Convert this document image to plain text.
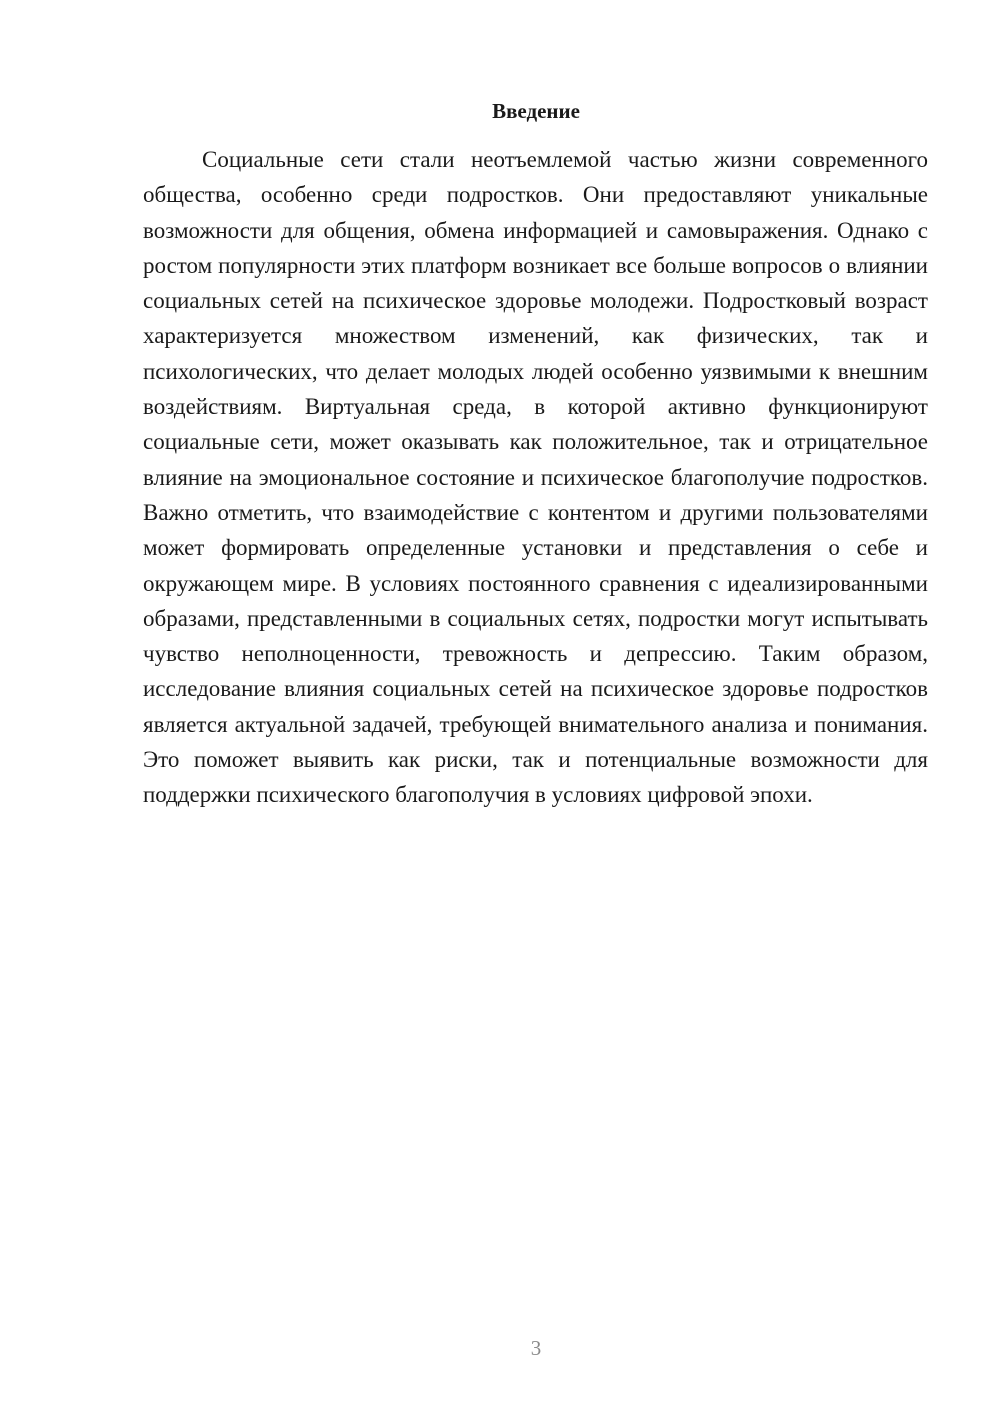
Введение

Социальные сети стали неотъемлемой частью жизни современного общества, особенно среди подростков. Они предоставляют уникальные возможности для общения, обмена информацией и самовыражения. Однако с ростом популярности этих платформ возникает все больше вопросов о влиянии социальных сетей на психическое здоровье молодежи. Подростковый возраст характеризуется множеством изменений, как физических, так и психологических, что делает молодых людей особенно уязвимыми к внешним воздействиям. Виртуальная среда, в которой активно функционируют социальные сети, может оказывать как положительное, так и отрицательное влияние на эмоциональное состояние и психическое благополучие подростков. Важно отметить, что взаимодействие с контентом и другими пользователями может формировать определенные установки и представления о себе и окружающем мире. В условиях постоянного сравнения с идеализированными образами, представленными в социальных сетях, подростки могут испытывать чувство неполноценности, тревожность и депрессию. Таким образом, исследование влияния социальных сетей на психическое здоровье подростков является актуальной задачей, требующей внимательного анализа и понимания. Это поможет выявить как риски, так и потенциальные возможности для поддержки психического благополучия в условиях цифровой эпохи.

3
